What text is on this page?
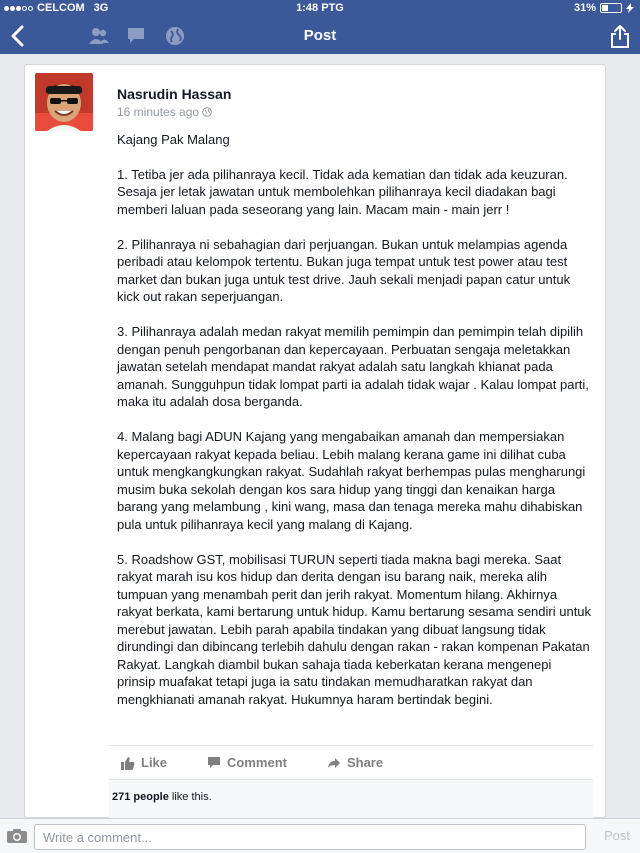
CELCOM 3G	1:48 PTG	31%
Post
Nasrudin Hassan
16 minutes ago

Kajang Pak Malang

1. Tetiba jer ada pilihanraya kecil. Tidak ada kematian dan tidak ada keuzuran. Sesaja jer letak jawatan untuk membolehkan pilihanraya kecil diadakan bagi memberi laluan pada seseorang yang lain. Macam main - main jerr !

2. Pilihanraya ni sebahagian dari perjuangan. Bukan untuk melampias agenda peribadi atau kelompok tertentu. Bukan juga tempat untuk test power atau test market dan bukan juga untuk test drive. Jauh sekali menjadi papan catur untuk kick out rakan seperjuangan.

3. Pilihanraya adalah medan rakyat memilih pemimpin dan pemimpin telah dipilih dengan penuh pengorbanan dan kepercayaan. Perbuatan sengaja meletakkan jawatan setelah mendapat mandat rakyat adalah satu langkah khianat pada amanah. Sungguhpun tidak lompat parti ia adalah tidak wajar . Kalau lompat parti, maka itu adalah dosa berganda.

4. Malang bagi ADUN Kajang yang mengabaikan amanah dan mempersiakan kepercayaan rakyat kepada beliau. Lebih malang kerana game ini dilihat cuba untuk mengkangkungkan rakyat. Sudahlah rakyat berhempas pulas mengharungi musim buka sekolah dengan kos sara hidup yang tinggi dan kenaikan harga barang yang melambung , kini wang, masa dan tenaga mereka mahu dihabiskan pula untuk pilihanraya kecil yang malang di Kajang.

5. Roadshow GST, mobilisasi TURUN seperti tiada makna bagi mereka. Saat rakyat marah isu kos hidup dan derita dengan isu barang naik, mereka alih tumpuan yang menambah perit dan jerih rakyat. Momentum hilang. Akhirnya rakyat berkata, kami bertarung untuk hidup. Kamu bertarung sesama sendiri untuk merebut jawatan. Lebih parah apabila tindakan yang dibuat langsung tidak dirundingi dan dibincang terlebih dahulu dengan rakan - rakan kompenan Pakatan Rakyat. Langkah diambil bukan sahaja tiada keberkatan kerana mengenepi prinsip muafakat tetapi juga ia satu tindakan memudharatkan rakyat dan mengkhianati amanah rakyat. Hukumnya haram bertindak begini.

Like	Comment	Share
271 people like this.
Write a comment...
Post
